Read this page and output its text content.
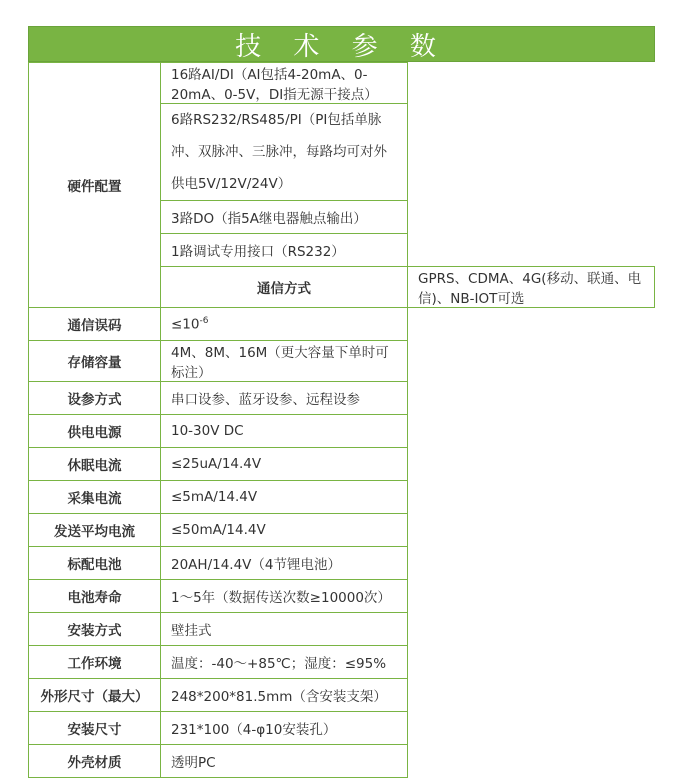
技 术 参 数
硬件配置	16路AI/DI（AI包括4-20mA、0-20mA、0-5V，DI指无源干接点）	
	6路RS232/RS485/PI（PI包括单脉冲、双脉冲、三脉冲，每路均可对外供电5V/12V/24V）	
	3路DO（指5A继电器触点输出）	
	1路调试专用接口（RS232）	
	通信方式	GPRS、CDMA、4G(移动、联通、电信)、NB-IOT可选
通信误码	$\le 10^{-6}$
存储容量	4M、8M、16M（更大容量下单时可标注）	
设参方式	串口设参、蓝牙设参、远程设参	
供电电源	10-30V DC	
休眠电流	≤25uA/14.4V	
采集电流	≤5mA/14.4V	
发送平均电流	≤50mA/14.4V	
标配电池	20AH/14.4V（4节锂电池）	
电池寿命	1～5年（数据传送次数≥10000次）	
安装方式	壁挂式	
工作环境	温度：-40～+85℃；湿度：≤95%	
外形尺寸（最大）	248*200*81.5mm（含安装支架）	
安装尺寸	231*100（4-φ10安装孔）	
外壳材质	透明PC	
